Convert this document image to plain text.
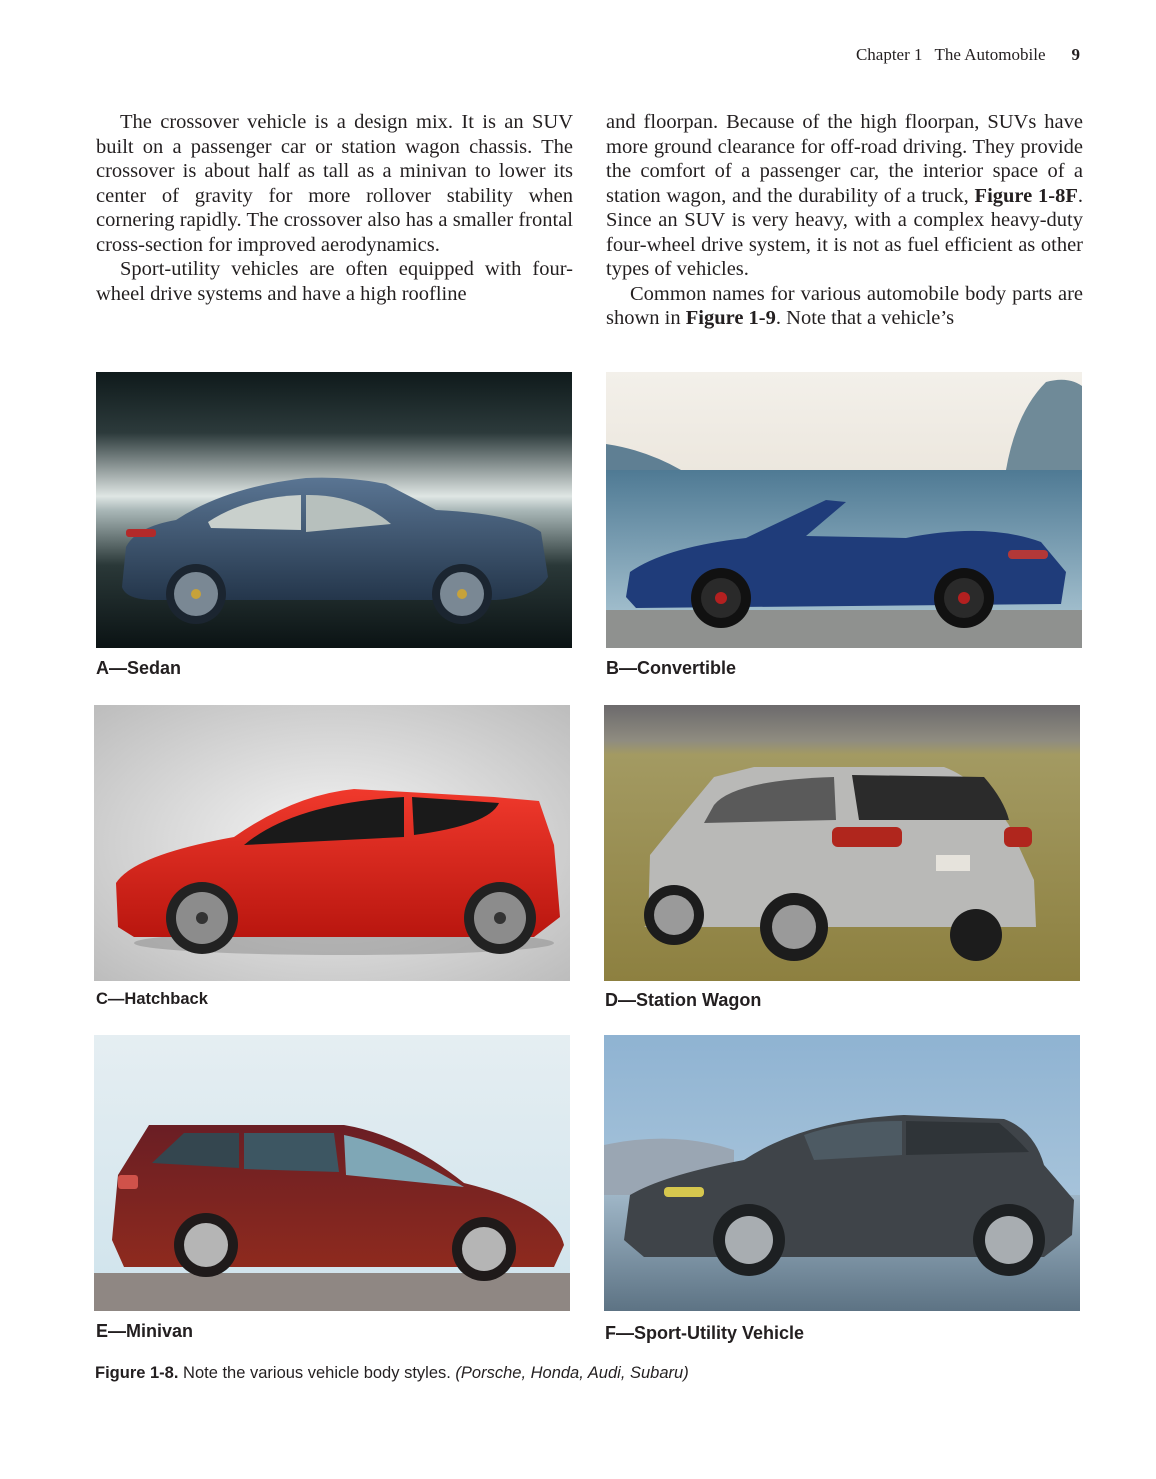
Chapter 1 The Automobile 9

The crossover vehicle is a design mix. It is an SUV built on a passenger car or station wagon chassis. The crossover is about half as tall as a minivan to lower its center of gravity for more rollover stability when cornering rapidly. The crossover also has a smaller frontal cross-section for improved aerodynamics.

Sport-utility vehicles are often equipped with four-wheel drive systems and have a high roofline

and floorpan. Because of the high floorpan, SUVs have more ground clearance for off-road driving. They provide the comfort of a passenger car, the interior space of a station wagon, and the durability of a truck, Figure 1-8F. Since an SUV is very heavy, with a complex heavy-duty four-wheel drive system, it is not as fuel efficient as other types of vehicles.

Common names for various automobile body parts are shown in Figure 1-9. Note that a vehicle’s

A—Sedan	B—Convertible
C—Hatchback	D—Station Wagon
E—Minivan	F—Sport-Utility Vehicle
Figure 1-8. Note the various vehicle body styles. (Porsche, Honda, Audi, Subaru)
